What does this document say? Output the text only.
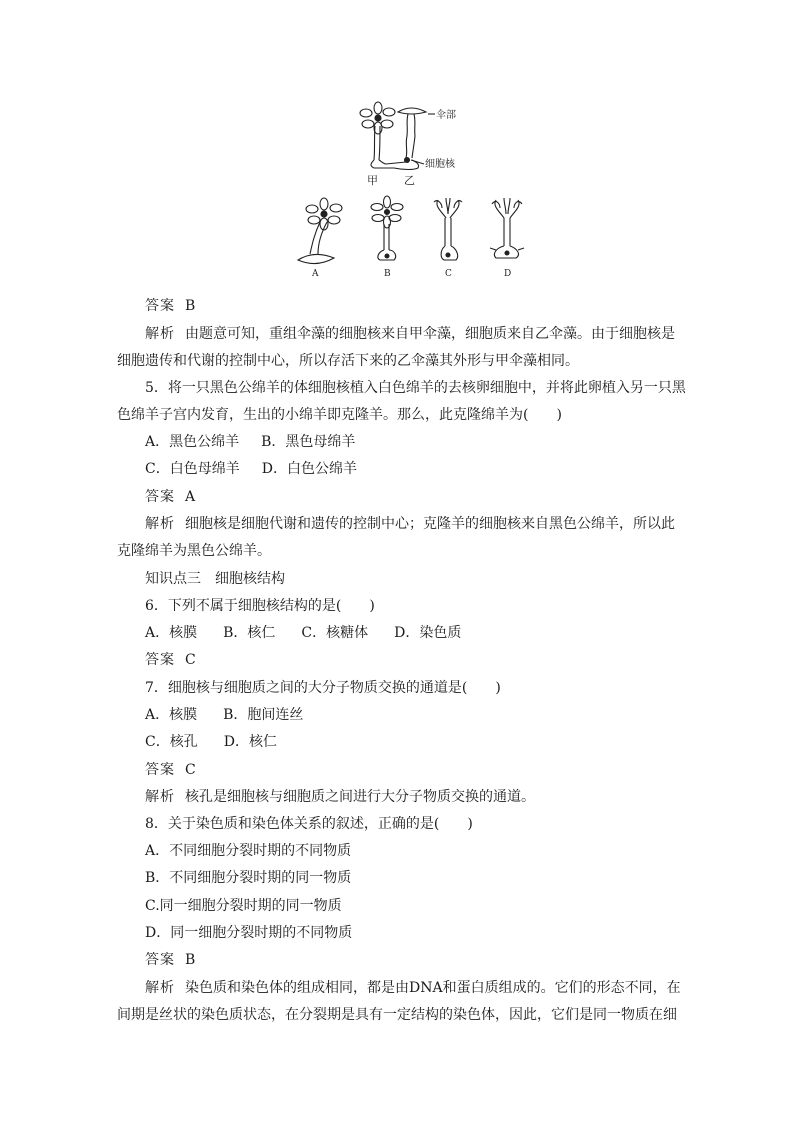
伞部
细胞核
甲 乙
A	B	C	D
答案 B
解析 由题意可知，重组伞藻的细胞核来自甲伞藻，细胞质来自乙伞藻。由于细胞核是
细胞遗传和代谢的控制中心，所以存活下来的乙伞藻其外形与甲伞藻相同。
5．将一只黑色公绵羊的体细胞核植入白色绵羊的去核卵细胞中，并将此卵植入另一只黑
色绵羊子宫内发育，生出的小绵羊即克隆羊。那么，此克隆绵羊为(　　)
A．黑色公绵羊 B．黑色母绵羊
C．白色母绵羊 D．白色公绵羊
答案 A
解析 细胞核是细胞代谢和遗传的控制中心；克隆羊的细胞核来自黑色公绵羊，所以此
克隆绵羊为黑色公绵羊。
知识点三　细胞核结构
6．下列不属于细胞核结构的是(　　)
A．核膜 B．核仁 C．核糖体 D．染色质
答案 C
7．细胞核与细胞质之间的大分子物质交换的通道是(　　)
A．核膜 B．胞间连丝
C．核孔 D．核仁
答案 C
解析 核孔是细胞核与细胞质之间进行大分子物质交换的通道。
8．关于染色质和染色体关系的叙述，正确的是(　　)
A．不同细胞分裂时期的不同物质
B．不同细胞分裂时期的同一物质
C.同一细胞分裂时期的同一物质
D．同一细胞分裂时期的不同物质
答案 B
解析 染色质和染色体的组成相同，都是由DNA和蛋白质组成的。它们的形态不同，在
间期是丝状的染色质状态，在分裂期是具有一定结构的染色体，因此，它们是同一物质在细
